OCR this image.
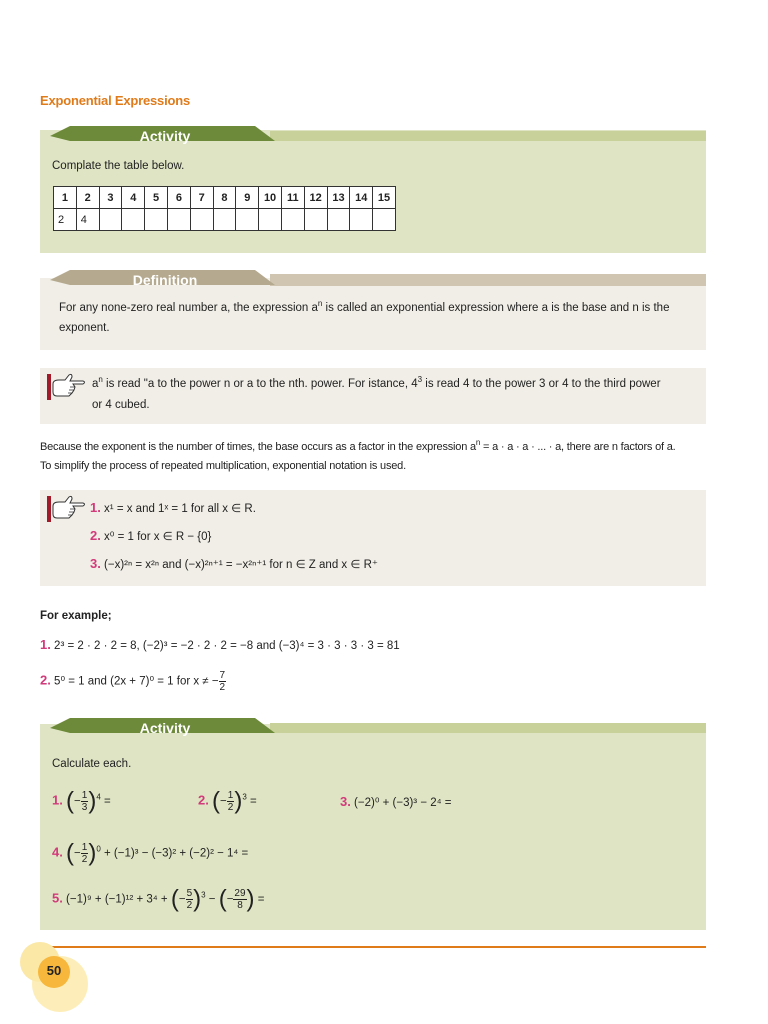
Exponential Expressions
Activity
Complate the table below.
1	2	3	4	5	6	7	8	9	10	11	12	13	14	15
2	4													
Definition
For any none-zero real number a, the expression $a^n$ is called an exponential expression where a is the base and n is the
exponent.
$a^n$ is read "a to the power n or a to the nth. power. For istance, $4^3$ is read 4 to the power 3 or 4 to the third power
or 4 cubed.
Because the exponent is the number of times, the base occurs as a factor in the expression $a^n = a \cdot a \cdot a$ · ... · a, there are n factors of a.
To simplify the process of repeated multiplication, exponential notation is used.
1. x¹ = x and 1ˣ = 1 for all x ∈ R.
2. x⁰ = 1 for x ∈ R − {0}
3. (−x)²ⁿ = x²ⁿ and (−x)²ⁿ⁺¹ = −x²ⁿ⁺¹ for n ∈ Z and x ∈ R⁺
For example;
1. 2³ = 2 · 2 · 2 = 8, (−2)³ = −2 · 2 · 2 = −8 and (−3)⁴ = 3 · 3 · 3 · 3 = 81
2. 5⁰ = 1 and (2x + 7)⁰ = 1 for x ≠ − $\frac{7}{2}$
Activity
Calculate each.
1. (− $\frac{1}{3} )^4$ =	2. (− $\frac{1}{2} )^3$ =	3. (−2)⁰ + (−3)³ − 2⁴ =
4. (− $\frac{1}{2} )^0 + (-1)^3 - (-3)^2 + (-2)^2 - 1^4$ =
5. (−1)⁹ + (−1)¹² + 3⁴ + (− $\frac{5}{2} )^3$ − (− $\frac{29}{8}$ ) =
50
